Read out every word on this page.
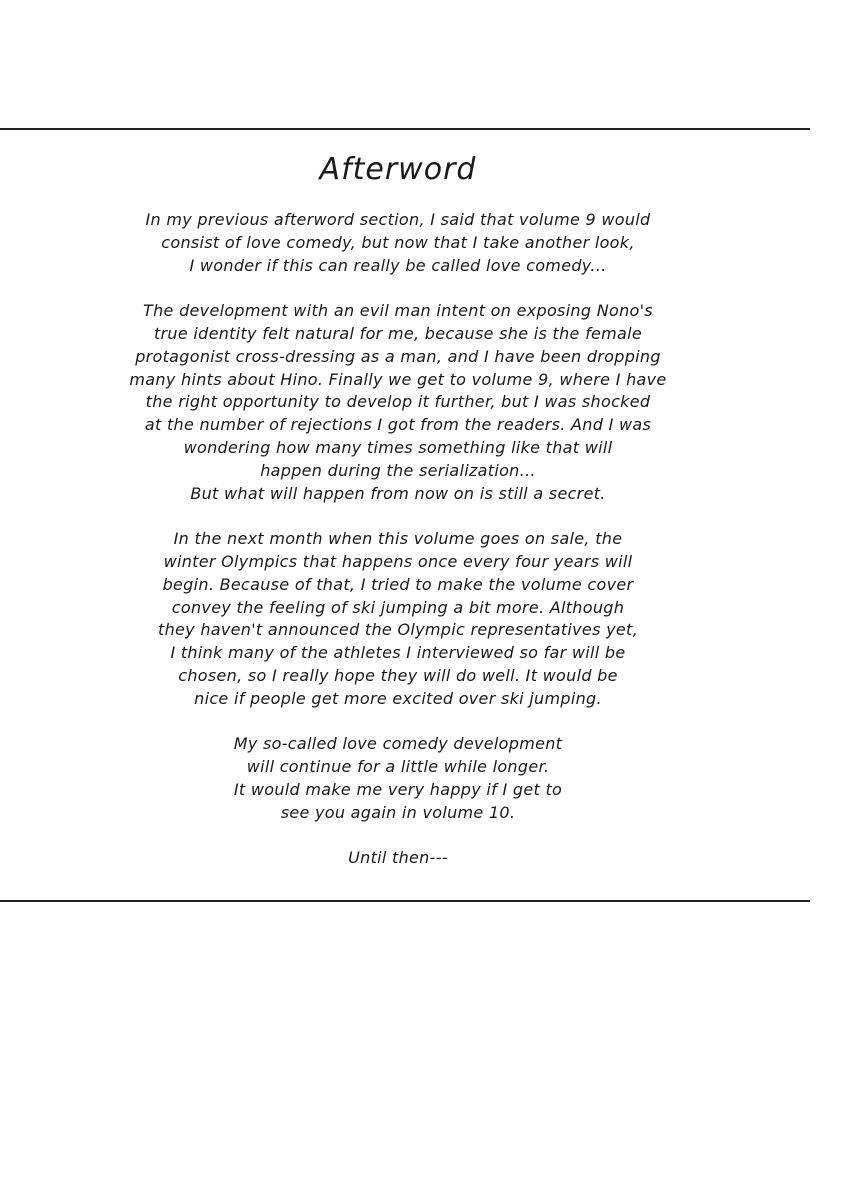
Afterword

In my previous afterword section, I said that volume 9 would
consist of love comedy, but now that I take another look,
I wonder if this can really be called love comedy...

The development with an evil man intent on exposing Nono's
true identity felt natural for me, because she is the female
protagonist cross-dressing as a man, and I have been dropping
many hints about Hino. Finally we get to volume 9, where I have
the right opportunity to develop it further, but I was shocked
at the number of rejections I got from the readers. And I was
wondering how many times something like that will
happen during the serialization...
But what will happen from now on is still a secret.

In the next month when this volume goes on sale, the
winter Olympics that happens once every four years will
begin. Because of that, I tried to make the volume cover
convey the feeling of ski jumping a bit more. Although
they haven't announced the Olympic representatives yet,
I think many of the athletes I interviewed so far will be
chosen, so I really hope they will do well. It would be
nice if people get more excited over ski jumping.

My so-called love comedy development
will continue for a little while longer.
It would make me very happy if I get to
see you again in volume 10.

Until then---
